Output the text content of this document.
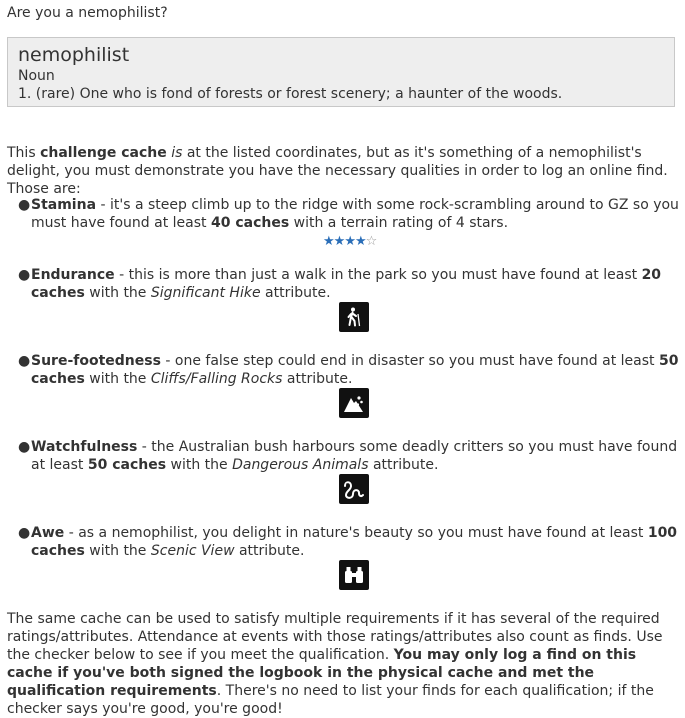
Are you a nemophilist?
nemophilist
Noun
1. (rare) One who is fond of forests or forest scenery; a haunter of the woods.
This challenge cache is at the listed coordinates, but as it's something of a nemophilist's delight, you must demonstrate you have the necessary qualities in order to log an online find. Those are:
● Stamina - it's a steep climb up to the ridge with some rock-scrambling around to GZ so you must have found at least 40 caches with a terrain rating of 4 stars.
● Endurance - this is more than just a walk in the park so you must have found at least 20 caches with the Significant Hike attribute.
● Sure-footedness - one false step could end in disaster so you must have found at least 50 caches with the Cliffs/Falling Rocks attribute.
● Watchfulness - the Australian bush harbours some deadly critters so you must have found at least 50 caches with the Dangerous Animals attribute.
● Awe - as a nemophilist, you delight in nature's beauty so you must have found at least 100 caches with the Scenic View attribute.
★★★★☆
The same cache can be used to satisfy multiple requirements if it has several of the required ratings/attributes. Attendance at events with those ratings/attributes also count as finds. Use the checker below to see if you meet the qualification. You may only log a find on this cache if you've both signed the logbook in the physical cache and met the qualification requirements. There's no need to list your finds for each qualification; if the checker says you're good, you're good!
